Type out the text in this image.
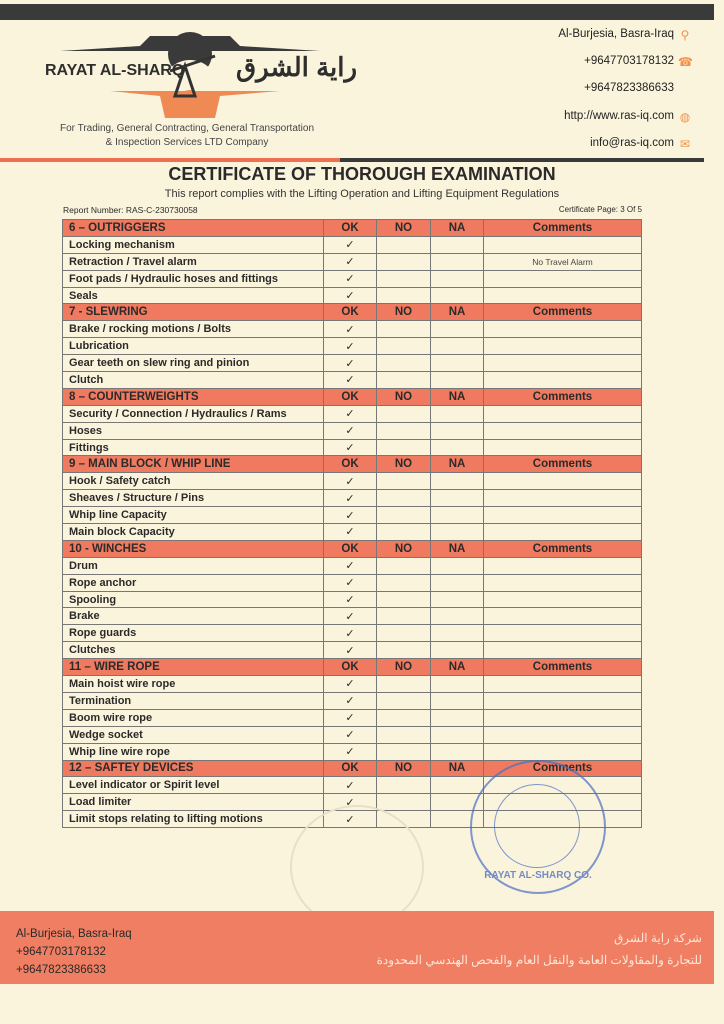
RAYAT AL-SHARQ راية الشرق
For Trading, General Contracting, General Transportation
& Inspection Services LTD Company
Al-Burjesia, Basra-Iraq ⚲
+9647703178132 ☎
+9647823386633
http://www.ras-iq.com ◍
info@ras-iq.com ✉
CERTIFICATE OF THOROUGH EXAMINATION
This report complies with the Lifting Operation and Lifting Equipment Regulations
Report Number: RAS-C-230730058	Certificate Page: 3 Of 5
6 – OUTRIGGERS	OK	NO	NA	Comments
Locking mechanism	✓			
Retraction / Travel alarm	✓			No Travel Alarm
Foot pads / Hydraulic hoses and fittings	✓			
Seals	✓			
7 - SLEWRING	OK	NO	NA	Comments
Brake / rocking motions / Bolts	✓			
Lubrication	✓			
Gear teeth on slew ring and pinion	✓			
Clutch	✓			
8 – COUNTERWEIGHTS	OK	NO	NA	Comments
Security / Connection / Hydraulics / Rams	✓			
Hoses	✓			
Fittings	✓			
9 – MAIN BLOCK / WHIP LINE	OK	NO	NA	Comments
Hook / Safety catch	✓			
Sheaves / Structure / Pins	✓			
Whip line Capacity	✓			
Main block Capacity	✓			
10 - WINCHES	OK	NO	NA	Comments
Drum	✓			
Rope anchor	✓			
Spooling	✓			
Brake	✓			
Rope guards	✓			
Clutches	✓			
11 – WIRE ROPE	OK	NO	NA	Comments
Main hoist wire rope	✓			
Termination	✓			
Boom wire rope	✓			
Wedge socket	✓			
Whip line wire rope	✓			
12 – SAFTEY DEVICES	OK	NO	NA	Comments
Level indicator or Spirit level	✓			
Load limiter	✓			
Limit stops relating to lifting motions	✓			
RAYAT AL-SHARQ CO.
Al-Burjesia, Basra-Iraq
+9647703178132
+9647823386633
شركة راية الشرق
للتجارة والمقاولات العامة والنقل العام والفحص الهندسي المحدودة
